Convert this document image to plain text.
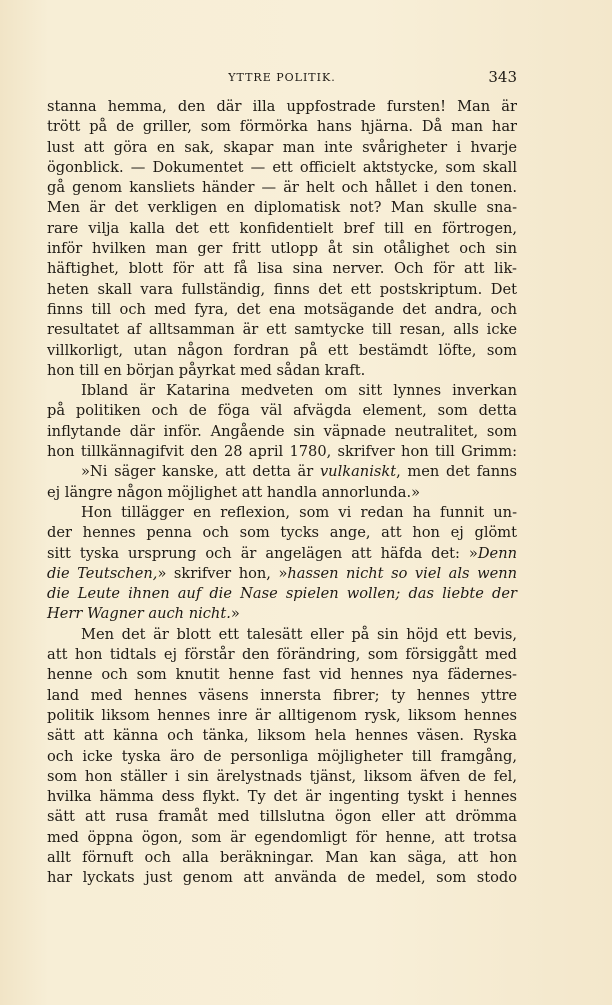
YTTRE POLITIK.	343
stanna hemma, den där illa uppfostrade fursten! Man är
trött på de griller, som förmörka hans hjärna. Då man har
lust att göra en sak, skapar man inte svårigheter i hvarje
ögonblick. — Dokumentet — ett officielt aktstycke, som skall
gå genom kansliets händer — är helt och hållet i den tonen.
Men är det verkligen en diplomatisk not? Man skulle sna-
rare vilja kalla det ett konfidentielt bref till en förtrogen,
inför hvilken man ger fritt utlopp åt sin otålighet och sin
häftighet, blott för att få lisa sina nerver. Och för att lik-
heten skall vara fullständig, finns det ett postskriptum. Det
finns till och med fyra, det ena motsägande det andra, och
resultatet af alltsamman är ett samtycke till resan, alls icke
villkorligt, utan någon fordran på ett bestämdt löfte, som
hon till en början påyrkat med sådan kraft.
Ibland är Katarina medveten om sitt lynnes inverkan
på politiken och de föga väl afvägda element, som detta
inflytande där inför. Angående sin väpnade neutralitet, som
hon tillkännagifvit den 28 april 1780, skrifver hon till Grimm:
»Ni säger kanske, att detta är vulkaniskt, men det fanns
ej längre någon möjlighet att handla annorlunda.»
Hon tillägger en reflexion, som vi redan ha funnit un-
der hennes penna och som tycks ange, att hon ej glömt
sitt tyska ursprung och är angelägen att häfda det: »Denn
die Teutschen,» skrifver hon, »hassen nicht so viel als wenn
die Leute ihnen auf die Nase spielen wollen; das liebte der
Herr Wagner auch nicht.»
Men det är blott ett talesätt eller på sin höjd ett bevis,
att hon tidtals ej förstår den förändring, som försiggått med
henne och som knutit henne fast vid hennes nya fädernes-
land med hennes väsens innersta fibrer; ty hennes yttre
politik liksom hennes inre är alltigenom rysk, liksom hennes
sätt att känna och tänka, liksom hela hennes väsen. Ryska
och icke tyska äro de personliga möjligheter till framgång,
som hon ställer i sin ärelystnads tjänst, liksom äfven de fel,
hvilka hämma dess flykt. Ty det är ingenting tyskt i hennes
sätt att rusa framåt med tillslutna ögon eller att drömma
med öppna ögon, som är egendomligt för henne, att trotsa
allt förnuft och alla beräkningar. Man kan säga, att hon
har lyckats just genom att använda de medel, som stodo
